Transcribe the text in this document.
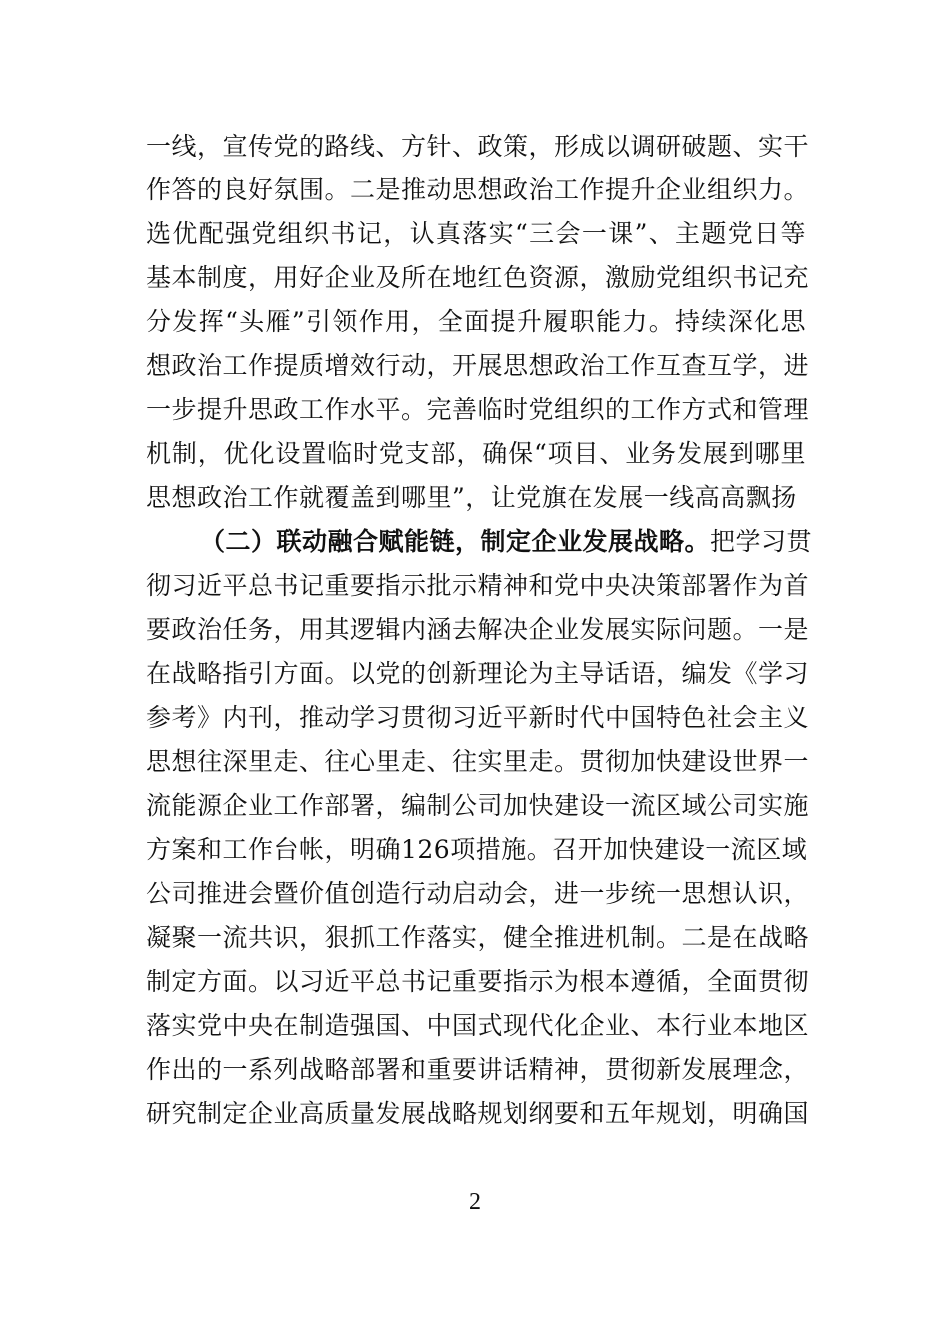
一线，宣传党的路线、方针、政策，形成以调研破题、实干
作答的良好氛围。二是推动思想政治工作提升企业组织力。
选优配强党组织书记，认真落实“三会一课”、主题党日等
基本制度，用好企业及所在地红色资源，激励党组织书记充
分发挥“头雁”引领作用，全面提升履职能力。持续深化思
想政治工作提质增效行动，开展思想政治工作互查互学，进
一步提升思政工作水平。完善临时党组织的工作方式和管理
机制，优化设置临时党支部，确保“项目、业务发展到哪里
思想政治工作就覆盖到哪里”，让党旗在发展一线高高飘扬
（二）联动融合赋能链，制定企业发展战略。把学习贯
彻习近平总书记重要指示批示精神和党中央决策部署作为首
要政治任务，用其逻辑内涵去解决企业发展实际问题。一是
在战略指引方面。以党的创新理论为主导话语，编发《学习
参考》内刊，推动学习贯彻习近平新时代中国特色社会主义
思想往深里走、往心里走、往实里走。贯彻加快建设世界一
流能源企业工作部署，编制公司加快建设一流区域公司实施
方案和工作台帐，明确126项措施。召开加快建设一流区域
公司推进会暨价值创造行动启动会，进一步统一思想认识，
凝聚一流共识，狠抓工作落实，健全推进机制。二是在战略
制定方面。以习近平总书记重要指示为根本遵循，全面贯彻
落实党中央在制造强国、中国式现代化企业、本行业本地区
作出的一系列战略部署和重要讲话精神，贯彻新发展理念，
研究制定企业高质量发展战略规划纲要和五年规划，明确国
2
